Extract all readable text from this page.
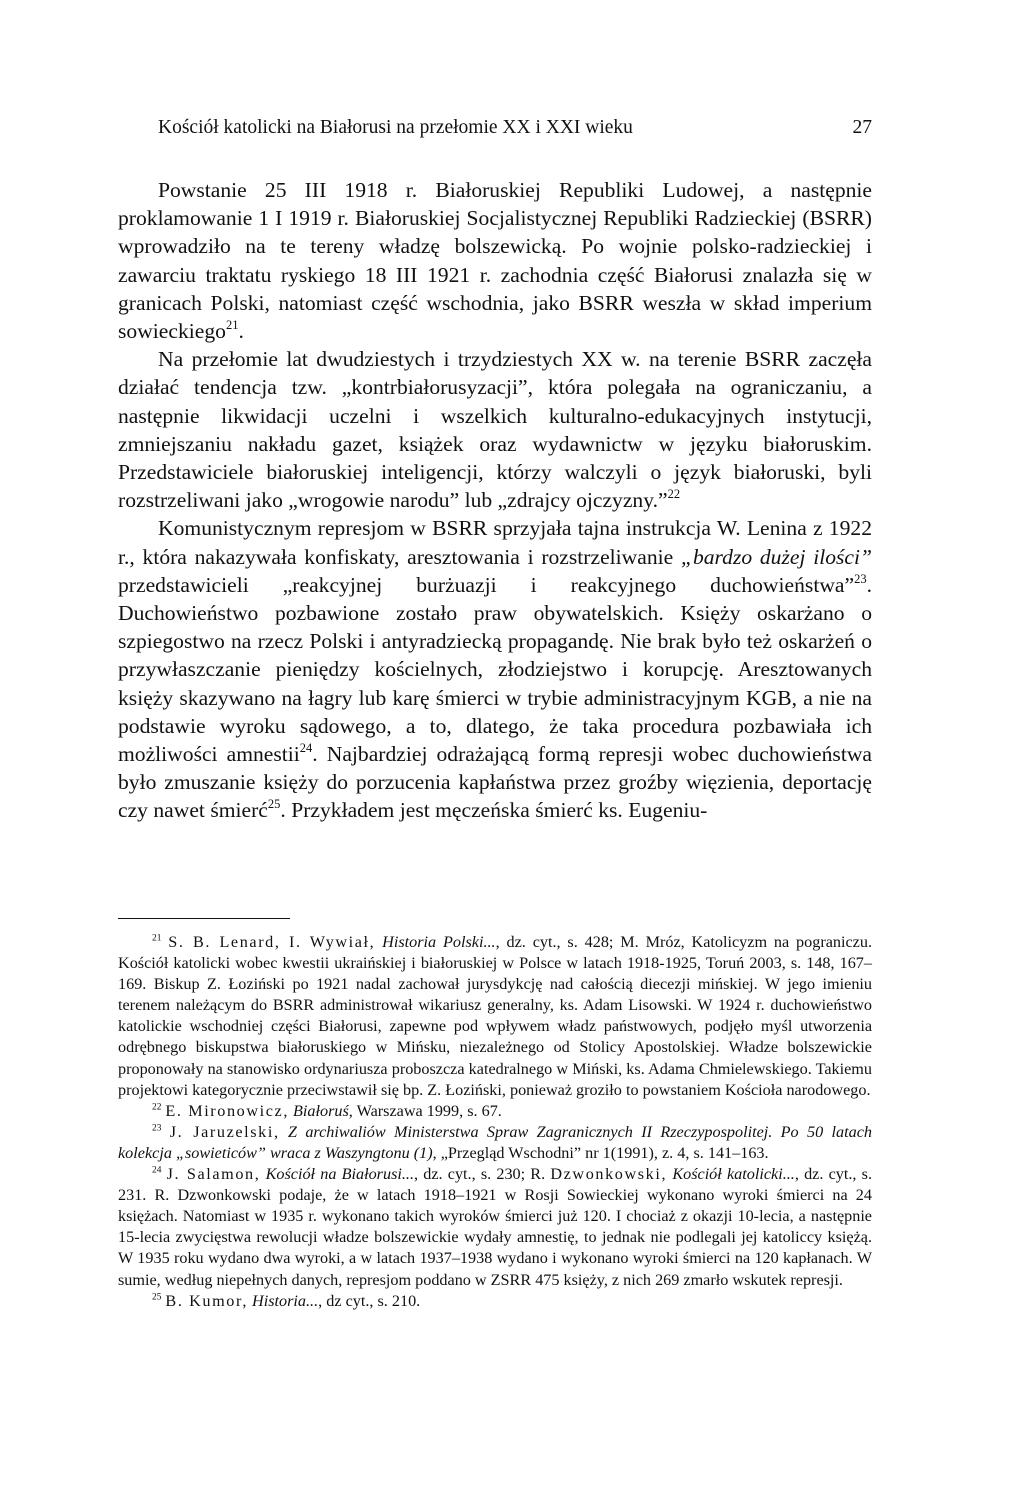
Kościół katolicki na Białorusi na przełomie XX i XXI wieku	27

Powstanie 25 III 1918 r. Białoruskiej Republiki Ludowej, a następnie proklamowanie 1 I 1919 r. Białoruskiej Socjalistycznej Republiki Radzieckiej (BSRR) wprowadziło na te tereny władzę bolszewicką. Po wojnie polsko-radzieckiej i zawarciu traktatu ryskiego 18 III 1921 r. zachodnia część Białorusi znalazła się w granicach Polski, natomiast część wschodnia, jako BSRR weszła w skład imperium sowieckiego$^{21}$.

Na przełomie lat dwudziestych i trzydziestych XX w. na terenie BSRR zaczęła działać tendencja tzw. „kontrbiałorusyzacji”, która polegała na ograniczaniu, a następnie likwidacji uczelni i wszelkich kulturalno-edukacyjnych instytucji, zmniejszaniu nakładu gazet, książek oraz wydawnictw w języku białoruskim. Przedstawiciele białoruskiej inteligencji, którzy walczyli o język białoruski, byli rozstrzeliwani jako „wrogowie narodu” lub „zdrajcy ojczyzny.”$^{22}$

Komunistycznym represjom w BSRR sprzyjała tajna instrukcja W. Lenina z 1922 r., która nakazywała konfiskaty, aresztowania i rozstrzeliwanie „bardzo dużej ilości” przedstawicieli „reakcyjnej burżuazji i reakcyjnego duchowieństwa”$^{23}$. Duchowieństwo pozbawione zostało praw obywatelskich. Księży oskarżano o szpiegostwo na rzecz Polski i antyradziecką propagandę. Nie brak było też oskarżeń o przywłaszczanie pieniędzy kościelnych, złodziejstwo i korupcję. Aresztowanych księży skazywano na łagry lub karę śmierci w trybie administracyjnym KGB, a nie na podstawie wyroku sądowego, a to, dlatego, że taka procedura pozbawiała ich możliwości amnestii$^{24}$. Najbardziej odrażającą formą represji wobec duchowieństwa było zmuszanie księży do porzucenia kapłaństwa przez groźby więzienia, deportację czy nawet śmierć$^{25}$. Przykładem jest męczeńska śmierć ks. Eugeniu-

$^{21}$ S. B. Lenard, I. Wywiał, Historia Polski..., dz. cyt., s. 428; M. Mróz, Katolicyzm na pograniczu. Kościół katolicki wobec kwestii ukraińskiej i białoruskiej w Polsce w latach 1918-1925, Toruń 2003, s. 148, 167–169. Biskup Z. Łoziński po 1921 nadal zachował jurysdykcję nad całością diecezji mińskiej. W jego imieniu terenem należącym do BSRR administrował wikariusz generalny, ks. Adam Lisowski. W 1924 r. duchowieństwo katolickie wschodniej części Białorusi, zapewne pod wpływem władz państwowych, podjęło myśl utworzenia odrębnego biskupstwa białoruskiego w Mińsku, niezależnego od Stolicy Apostolskiej. Władze bolszewickie proponowały na stanowisko ordynariusza proboszcza katedralnego w Miński, ks. Adama Chmielewskiego. Takiemu projektowi kategorycznie przeciwstawił się bp. Z. Łoziński, ponieważ groziło to powstaniem Kościoła narodowego.

$^{22}$ E. Mironowicz, Białoruś, Warszawa 1999, s. 67.

$^{23}$ J. Jaruzelski, Z archiwaliów Ministerstwa Spraw Zagranicznych II Rzeczypospolitej. Po 50 latach kolekcja „sowieticów” wraca z Waszyngtonu (1), „Przegląd Wschodni” nr 1(1991), z. 4, s. 141–163.

$^{24}$ J. Salamon, Kościół na Białorusi..., dz. cyt., s. 230; R. Dzwonkowski, Kościół katolicki..., dz. cyt., s. 231. R. Dzwonkowski podaje, że w latach 1918–1921 w Rosji Sowieckiej wykonano wyroki śmierci na 24 księżach. Natomiast w 1935 r. wykonano takich wyroków śmierci już 120. I chociaż z okazji 10-lecia, a następnie 15-lecia zwycięstwa rewolucji władze bolszewickie wydały amnestię, to jednak nie podlegali jej katoliccy księżą. W 1935 roku wydano dwa wyroki, a w latach 1937–1938 wydano i wykonano wyroki śmierci na 120 kapłanach. W sumie, według niepełnych danych, represjom poddano w ZSRR 475 księży, z nich 269 zmarło wskutek represji.

$^{25}$ B. Kumor, Historia..., dz cyt., s. 210.
